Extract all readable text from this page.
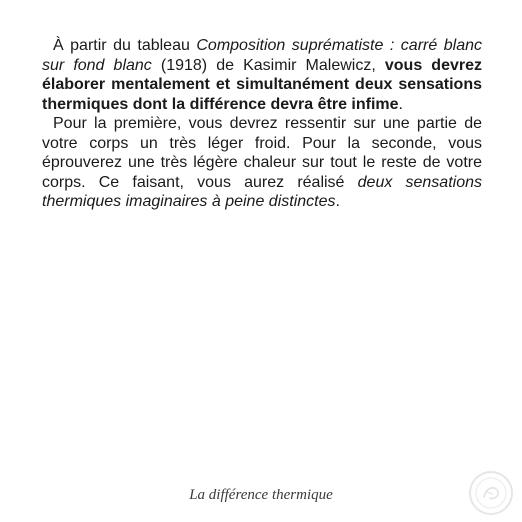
À partir du tableau Composition suprématiste : carré blanc sur fond blanc (1918) de Kasimir Malewicz, vous devrez élaborer mentalement et simultanément deux sensations thermiques dont la différence devra être infime.

Pour la première, vous devrez ressentir sur une partie de votre corps un très léger froid. Pour la seconde, vous éprouverez une très légère chaleur sur tout le reste de votre corps. Ce faisant, vous aurez réalisé deux sensations thermiques imaginaires à peine distinctes.

La différence thermique
